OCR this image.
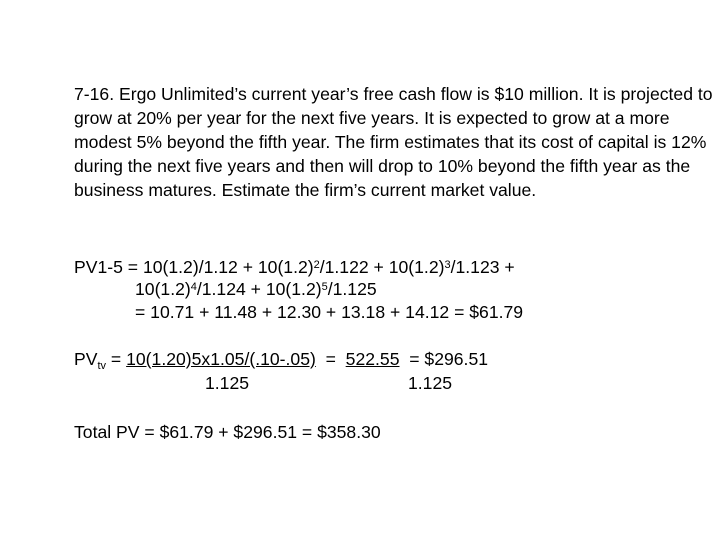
7-16. Ergo Unlimited’s current year’s free cash flow is $10 million. It is projected to grow at 20% per year for the next five years. It is expected to grow at a more modest 5% beyond the fifth year. The firm estimates that its cost of capital is 12% during the next five years and then will drop to 10% beyond the fifth year as the business matures. Estimate the firm’s current market value.

$PV1-5 = 10(1.2)/1.12 + 10(1.2)^2/1.122 + 10(1.2)^3/1.123$ +
$10(1.2)^4/1.124 + 10(1.2)^5/1.125$
= 10.71 + 11.48 + 12.30 + 13.18 + 14.12 = $61.79
$PV_{tv} = 10(1.20)5x1.05/(.10-.05) = 522.55$  = $296.51
1.125	1.125
Total PV = $61.79 + $296.51 = $358.30
